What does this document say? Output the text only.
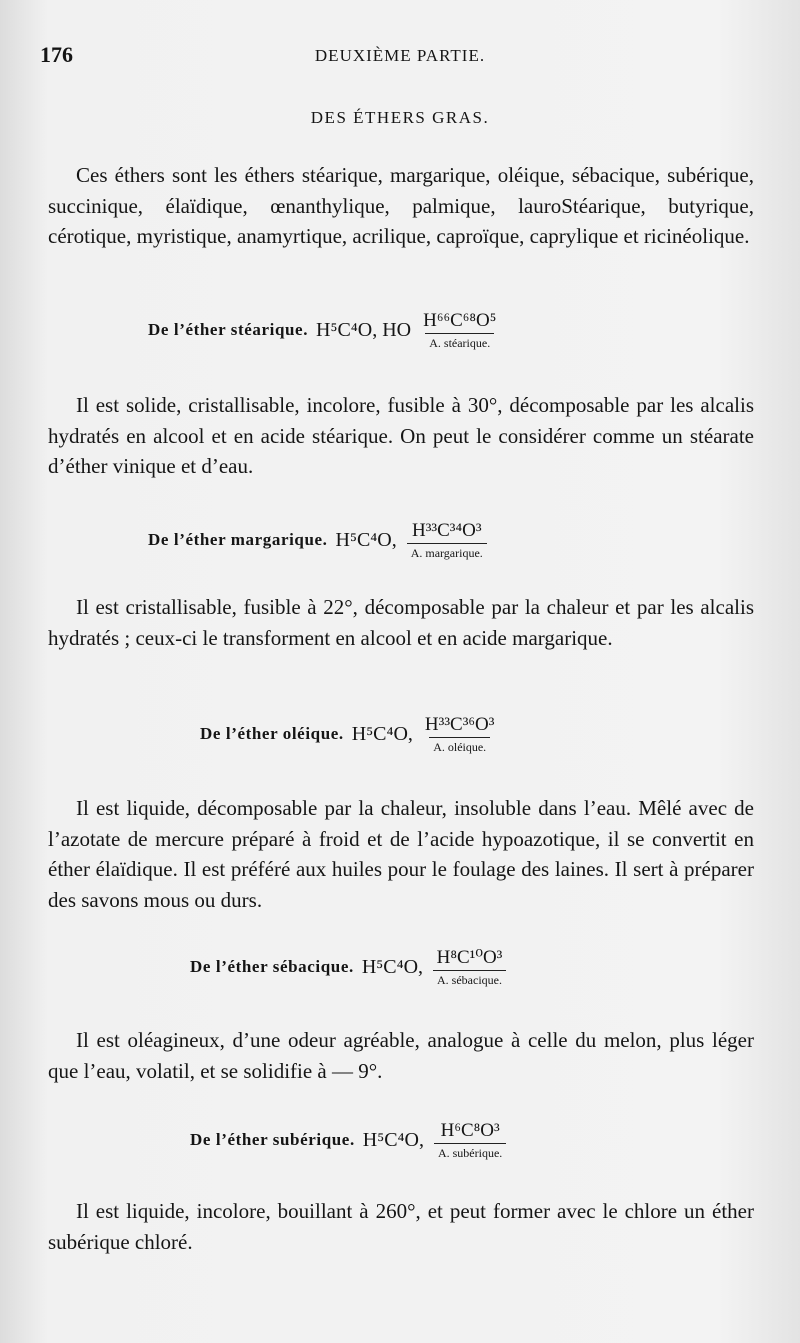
176	DEUXIÈME PARTIE.
DES ÉTHERS GRAS.

Ces éthers sont les éthers stéarique, margarique, oléique, sébacique, subérique, succinique, élaïdique, œnanthylique, palmique, lauroStéarique, butyrique, cérotique, myristique, anamyrtique, acrilique, caproïque, caprylique et ricinéolique.

De l’éther stéarique. H⁵C⁴O, HO $\frac{\text{H⁶⁶C⁶⁸O⁵}}{\text{A. stéarique.}}$

Il est solide, cristallisable, incolore, fusible à 30°, décomposable par les alcalis hydratés en alcool et en acide stéarique. On peut le considérer comme un stéarate d’éther vinique et d’eau.

De l’éther margarique. H⁵C⁴O, $\frac{\text{H³³C³⁴O³}}{\text{A. margarique.}}$

Il est cristallisable, fusible à 22°, décomposable par la chaleur et par les alcalis hydratés ; ceux-ci le transforment en alcool et en acide margarique.

De l’éther oléique. H⁵C⁴O, $\frac{\text{H³³C³⁶O³}}{\text{A. oléique.}}$

Il est liquide, décomposable par la chaleur, insoluble dans l’eau. Mêlé avec de l’azotate de mercure préparé à froid et de l’acide hypoazotique, il se convertit en éther élaïdique. Il est préféré aux huiles pour le foulage des laines. Il sert à préparer des savons mous ou durs.

De l’éther sébacique. H⁵C⁴O, $\frac{\text{H⁸C¹⁰O³}}{\text{A. sébacique.}}$

Il est oléagineux, d’une odeur agréable, analogue à celle du melon, plus léger que l’eau, volatil, et se solidifie à — 9°.

De l’éther subérique. H⁵C⁴O, $\frac{\text{H⁶C⁸O³}}{\text{A. subérique.}}$

Il est liquide, incolore, bouillant à 260°, et peut former avec le chlore un éther subérique chloré.
